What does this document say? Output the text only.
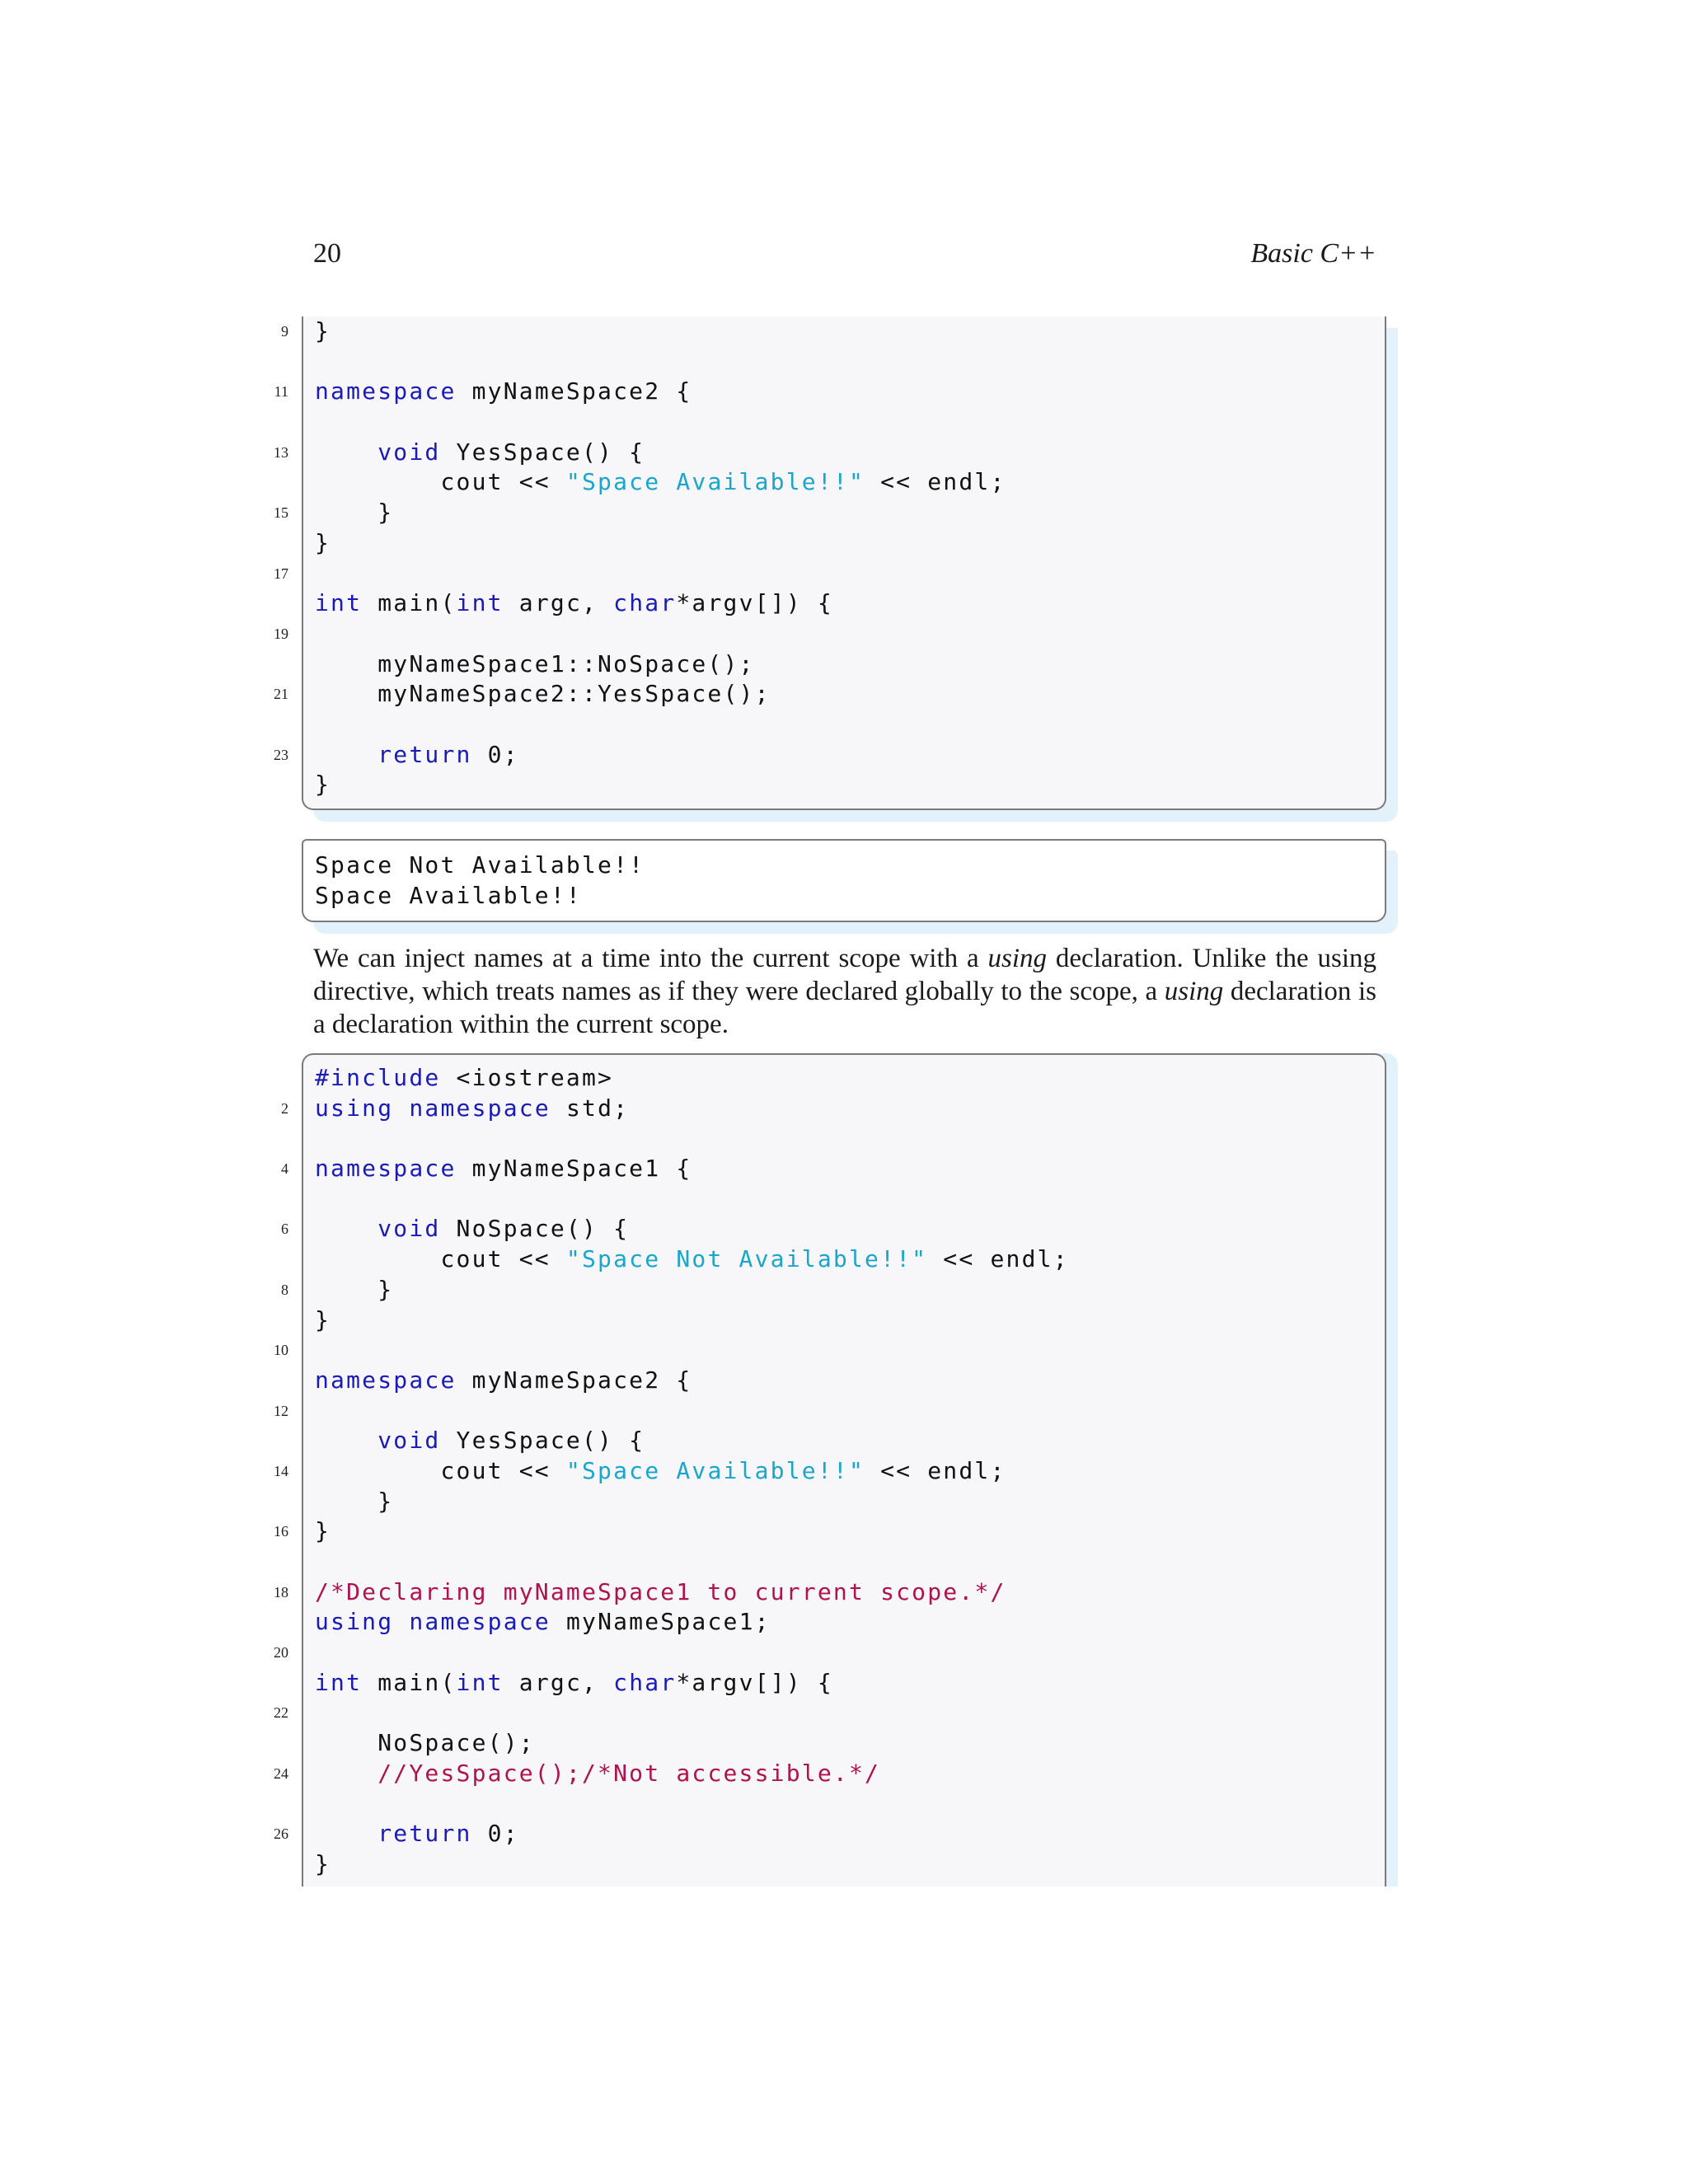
20	Basic C++
9 }
11 namespace myNameSpace2 {
13	void YesSpace() {
cout << "Space Available!!" << endl;
15 }
}
17
int main(int argc, char*argv[]) {
19
myNameSpace1::NoSpace();
21 myNameSpace2::YesSpace();
23	return 0;
}
Space Not Available!!
Space Available!!
We can inject names at a time into the current scope with a using declaration. Unlike the using directive, which treats names as if they were declared globally to the scope, a using declaration is a declaration within the current scope.
#include <iostream>
2 using namespace std;
4 namespace myNameSpace1 {
6	void NoSpace() {
cout << "Space Not Available!!" << endl;
8 }
}
10
namespace myNameSpace2 {
12
void YesSpace() {
14 cout << "Space Available!!" << endl;
}
16 }
18 /*Declaring myNameSpace1 to current scope.*/
using namespace myNameSpace1;
20
int main(int argc, char*argv[]) {
22
NoSpace();
24	//YesSpace();/*Not accessible.*/
26	return 0;
}
